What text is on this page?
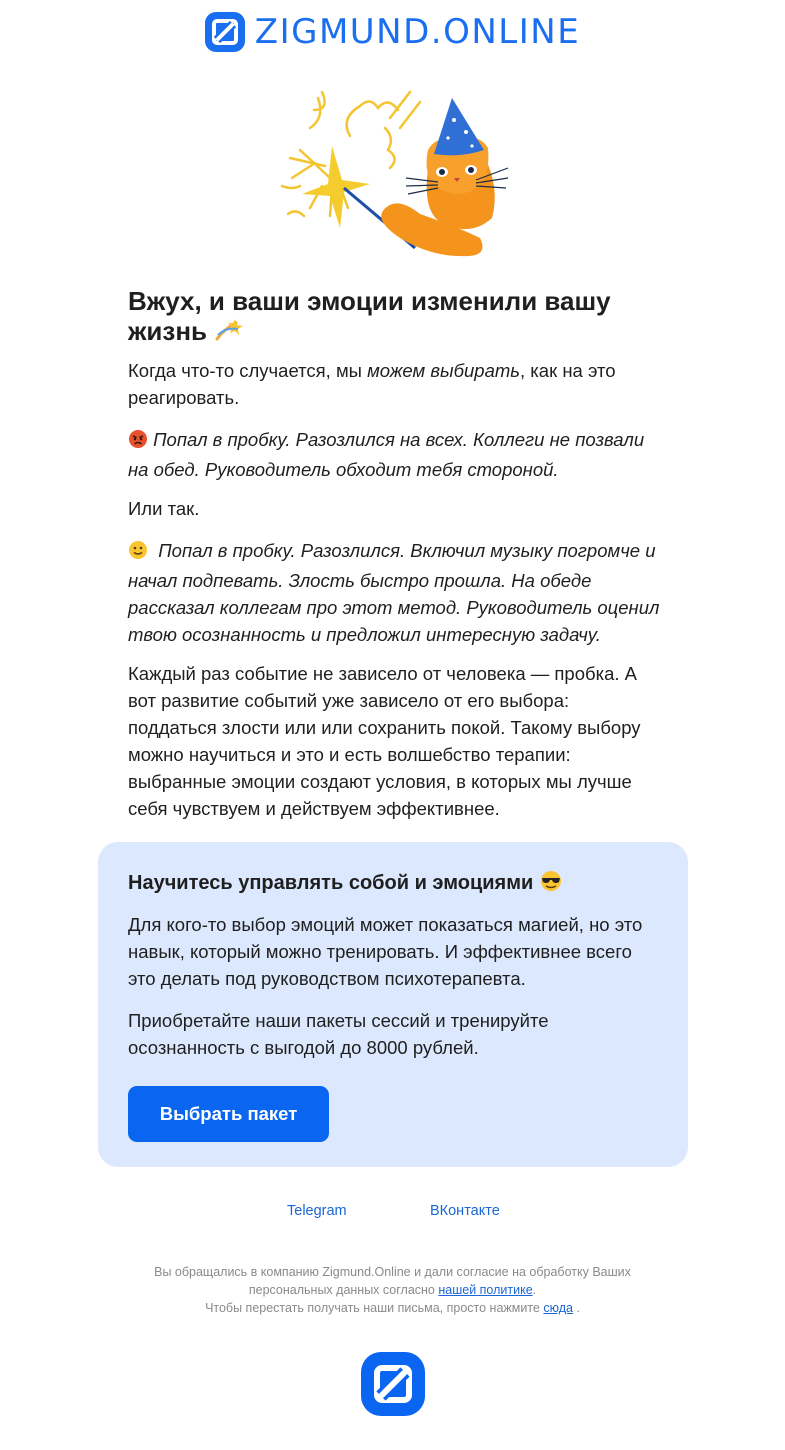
ZIGMUND.ONLINE
Вжух, и ваши эмоции изменили вашу жизнь

Когда что-то случается, мы можем выбирать, как на это реагировать.

Попал в пробку. Разозлился на всех. Коллеги не позвали на обед. Руководитель обходит тебя стороной.

Или так.

Попал в пробку. Разозлился. Включил музыку погромче и начал подпевать. Злость быстро прошла. На обеде рассказал коллегам про этот метод. Руководитель оценил твою осознанность и предложил интересную задачу.

Каждый раз событие не зависело от человека — пробка. А вот развитие событий уже зависело от его выбора: поддаться злости или или сохранить покой. Такому выбору можно научиться и это и есть волшебство терапии: выбранные эмоции создают условия, в которых мы лучше себя чувствуем и действуем эффективнее.

Научитесь управлять собой и эмоциями

Для кого-то выбор эмоций может показаться магией, но это навык, который можно тренировать. И эффективнее всего это делать под руководством психотерапевта.

Приобретайте наши пакеты сессий и тренируйте осознанность с выгодой до 8000 рублей.

Выбрать пакет
Telegram	ВКонтакте
Вы обращались в компанию Zigmund.Online и дали согласие на обработку Ваших персональных данных согласно нашей политике.
Чтобы перестать получать наши письма, просто нажмите сюда .
